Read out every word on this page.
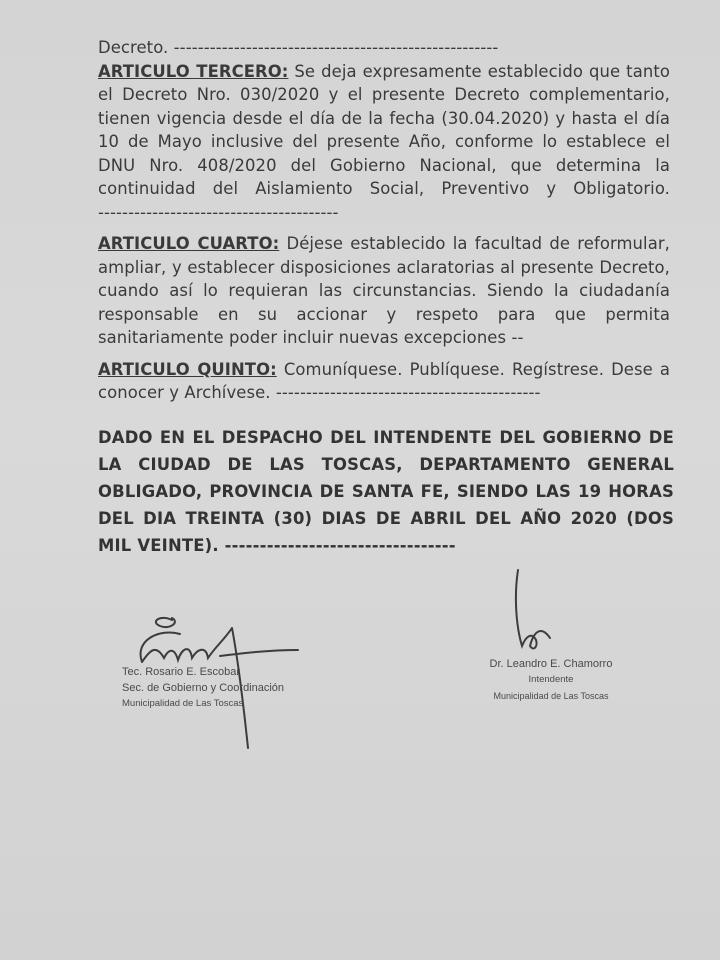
Decreto. ------------------------------------------------------

ARTICULO TERCERO: Se deja expresamente establecido que tanto el Decreto Nro. 030/2020 y el presente Decreto complementario, tienen vigencia desde el día de la fecha (30.04.2020) y hasta el día 10 de Mayo inclusive del presente Año, conforme lo establece el DNU Nro. 408/2020 del Gobierno Nacional, que determina la continuidad del Aislamiento Social, Preventivo y Obligatorio. ----------------------------------------

ARTICULO CUARTO: Déjese establecido la facultad de reformular, ampliar, y establecer disposiciones aclaratorias al presente Decreto, cuando así lo requieran las circunstancias. Siendo la ciudadanía responsable en su accionar y respeto para que permita sanitariamente poder incluir nuevas excepciones --

ARTICULO QUINTO: Comuníquese. Publíquese. Regístrese. Dese a conocer y Archívese. --------------------------------------------

DADO EN EL DESPACHO DEL INTENDENTE DEL GOBIERNO DE LA CIUDAD DE LAS TOSCAS, DEPARTAMENTO GENERAL OBLIGADO, PROVINCIA DE SANTA FE, SIENDO LAS 19 HORAS DEL DIA TREINTA (30) DIAS DE ABRIL DEL AÑO 2020 (DOS MIL VEINTE). ---------------------------------
Tec. Rosario E. Escobar
Sec. de Gobierno y Coordinación
Municipalidad de Las Toscas
Dr. Leandro E. Chamorro
Intendente
Municipalidad de Las Toscas
